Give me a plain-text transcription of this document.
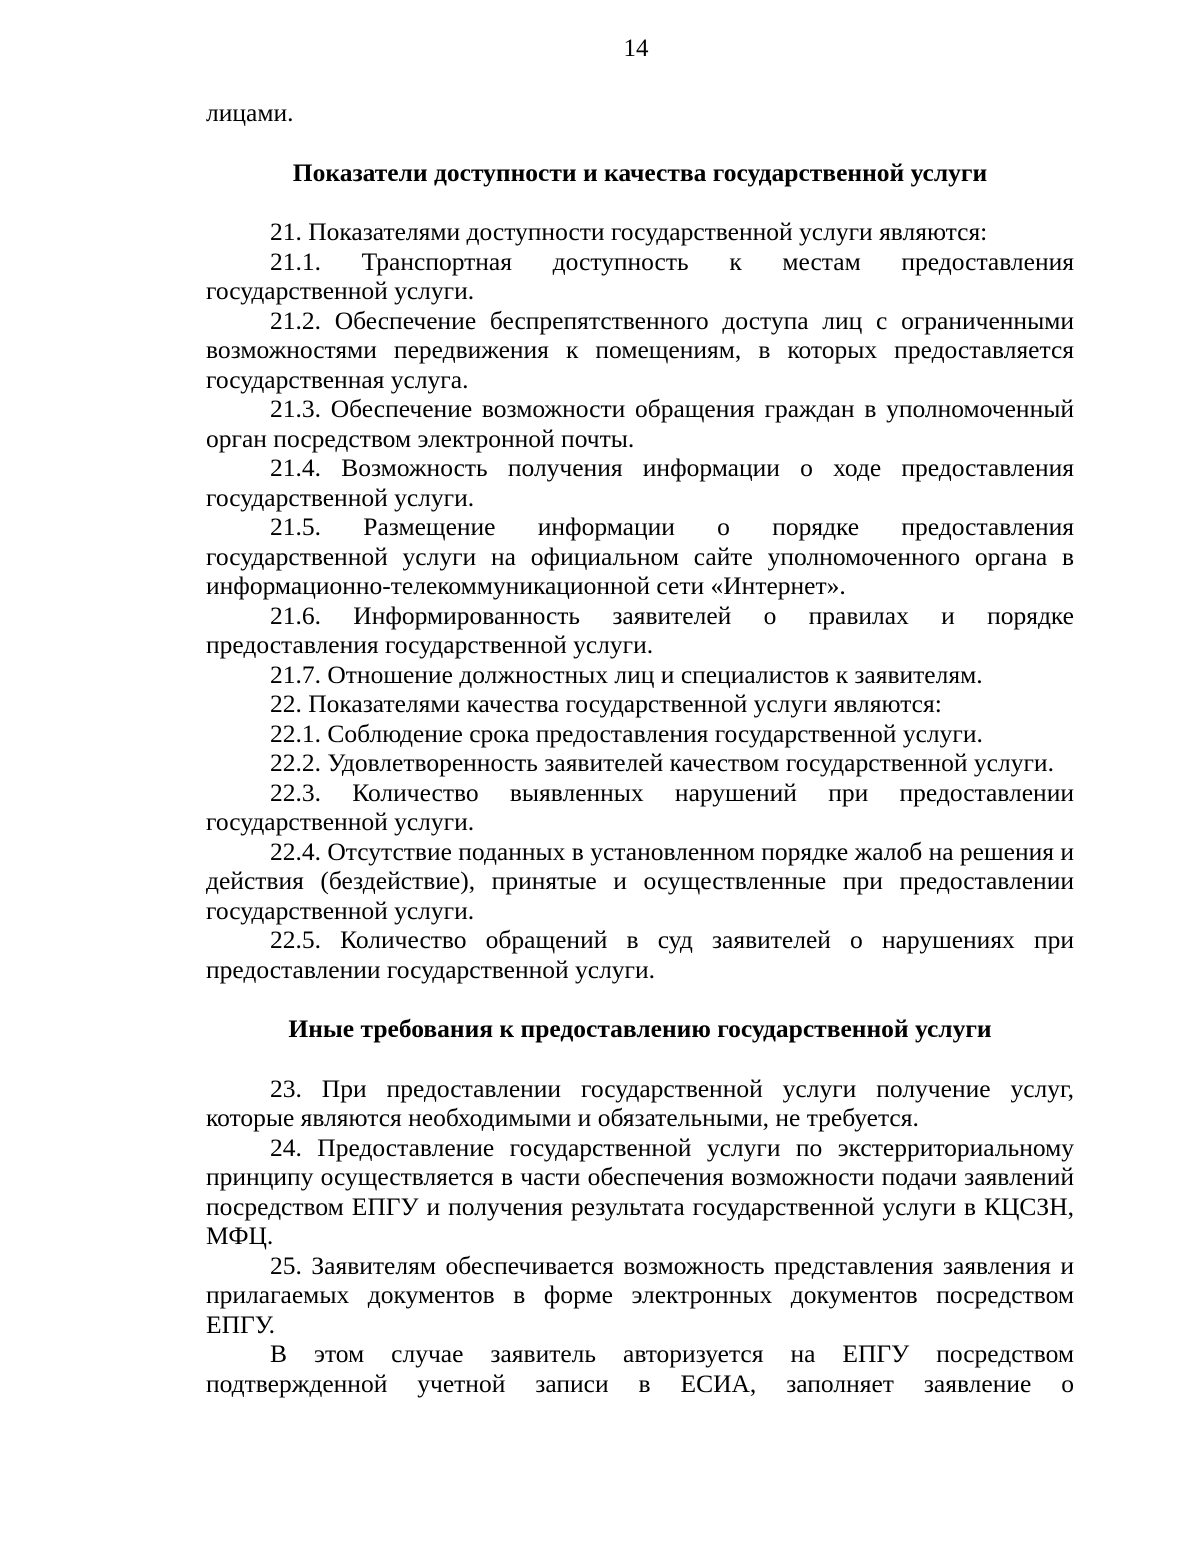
14

лицами.

Показатели доступности и качества государственной услуги

21. Показателями доступности государственной услуги являются:

21.1. Транспортная доступность к местам предоставления государственной услуги.

21.2. Обеспечение беспрепятственного доступа лиц с ограниченными возможностями передвижения к помещениям, в которых предоставляется государственная услуга.

21.3. Обеспечение возможности обращения граждан в уполномоченный орган посредством электронной почты.

21.4. Возможность получения информации о ходе предоставления государственной услуги.

21.5. Размещение информации о порядке предоставления государственной услуги на официальном сайте уполномоченного органа в информационно-телекоммуникационной сети «Интернет».

21.6. Информированность заявителей о правилах и порядке предоставления государственной услуги.

21.7. Отношение должностных лиц и специалистов к заявителям.

22. Показателями качества государственной услуги являются:

22.1. Соблюдение срока предоставления государственной услуги.

22.2. Удовлетворенность заявителей качеством государственной услуги.

22.3. Количество выявленных нарушений при предоставлении государственной услуги.

22.4. Отсутствие поданных в установленном порядке жалоб на решения и действия (бездействие), принятые и осуществленные при предоставлении государственной услуги.

22.5. Количество обращений в суд заявителей о нарушениях при предоставлении государственной услуги.

Иные требования к предоставлению государственной услуги

23. При предоставлении государственной услуги получение услуг, которые являются необходимыми и обязательными, не требуется.

24. Предоставление государственной услуги по экстерриториальному принципу осуществляется в части обеспечения возможности подачи заявлений посредством ЕПГУ и получения результата государственной услуги в КЦСЗН, МФЦ.

25. Заявителям обеспечивается возможность представления заявления и прилагаемых документов в форме электронных документов посредством ЕПГУ.

В этом случае заявитель авторизуется на ЕПГУ посредством подтвержденной учетной записи в ЕСИА, заполняет заявление о
